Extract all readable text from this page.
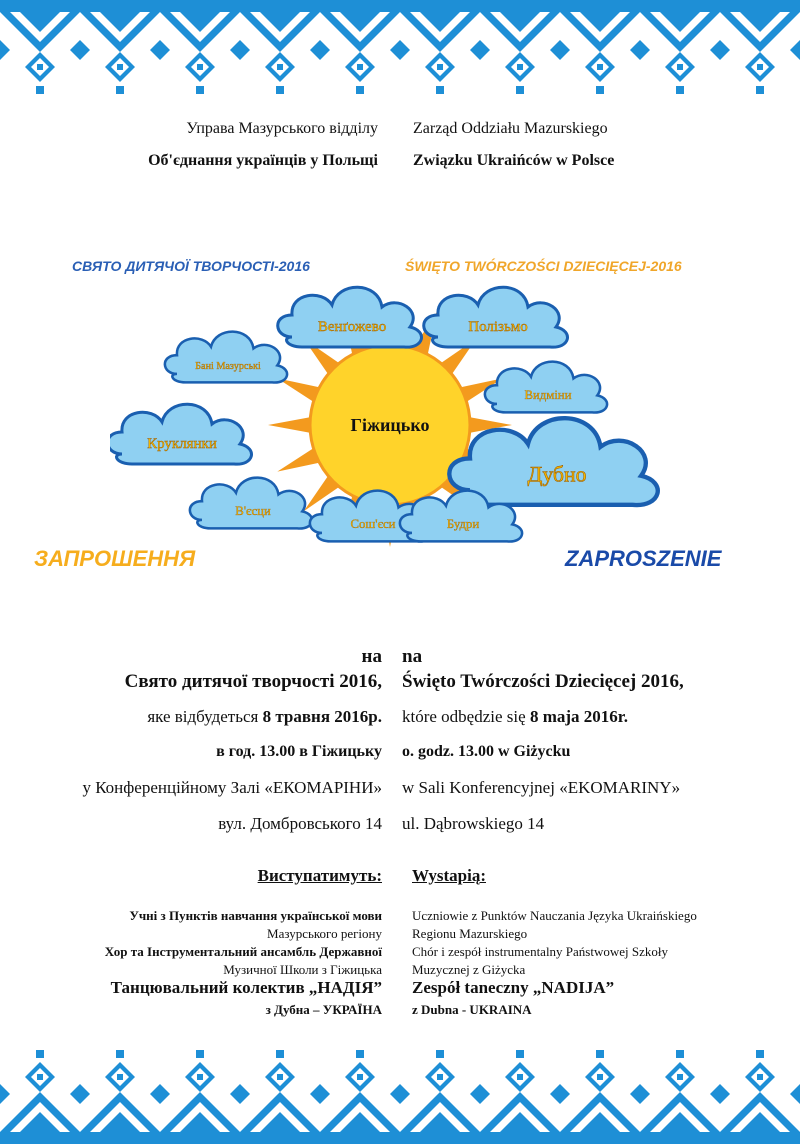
Управа Мазурського відділу
Об'єднання українців у Польщі
Zarząd Oddziału Mazurskiego
Związku Ukraińców w Polsce
СВЯТО ДИТЯЧОЇ ТВОРЧОСТІ-2016	ŚWIĘTO TWÓRCZOŚCI DZIECIĘCEJ-2016
Венґожево	Полізьмо
Бані Мазурські
Видміни
Круклянки
Дубно
В'єсци
Сош'єси	Будри
Гіжицько
ЗАПРОШЕННЯ	ZAPROSZENIE
на na
Свято дитячої творчості 2016, Święto Twórczości Dziecięcej 2016,
яке відбудеться 8 травня 2016р. które odbędzie się 8 maja 2016r.
в год. 13.00 в Гіжицьку o. godz. 13.00 w Giżycku
у Конференційному Залі «ЕКОМАРІНИ» w Sali Konferencyjnej «EKOMARINY»
вул. Домбровського 14 ul. Dąbrowskiego 14
Виступатимуть: Wystapią:
Учні з Пунктів навчання української мови
Мазурського регіону
Хор та Інструментальний ансамбль Державної
Музичної Школи з Гіжицька
Танцювальний колектив „НАДІЯ”
з Дубна – УКРАЇНА
Uczniowie z Punktów Nauczania Języka Ukraińskiego
Regionu Mazurskiego
Chór i zespół instrumentalny Państwowej Szkoły
Muzycznej z Giżycka
Zespół taneczny „NADIJA”
z Dubna - UKRAINA
